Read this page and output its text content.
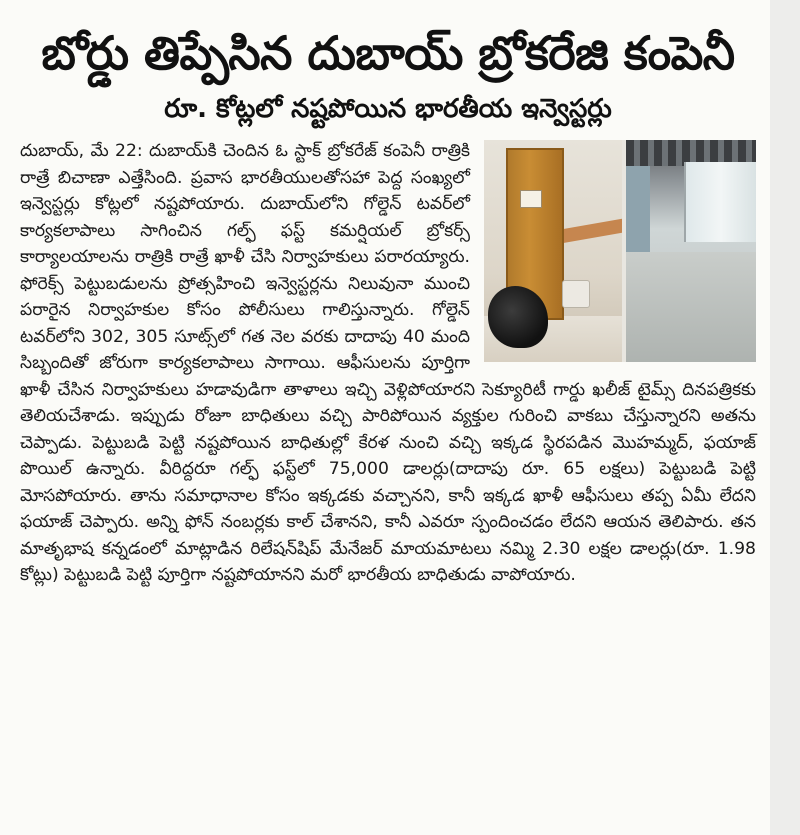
బోర్డు తిప్పేసిన దుబాయ్ బ్రోకరేజి కంపెనీ
రూ. కోట్లలో నష్టపోయిన భారతీయ ఇన్వెస్టర్లు

దుబాయ్, మే 22: దుబాయ్‌కి చెందిన ఓ స్టాక్ బ్రోకరేజ్ కంపెనీ రాత్రికి రాత్రే బిచాణా ఎత్తేసింది. ప్రవాస భారతీయులతోసహా పెద్ద సంఖ్యలో ఇన్వెస్టర్లు కోట్లలో నష్టపోయారు. దుబాయ్‌లోని గోల్డెన్ టవర్‌లో కార్యకలాపాలు సాగించిన గల్ఫ్ ఫస్ట్ కమర్షియల్ బ్రోకర్స్ కార్యాలయాలను రాత్రికి రాత్రే ఖాళీ చేసి నిర్వాహకులు పరారయ్యారు. ఫోరెక్స్ పెట్టుబడులను ప్రోత్సహించి ఇన్వెస్టర్లను నిలువునా ముంచి పరారైన నిర్వాహకుల కోసం పోలీసులు గాలిస్తున్నారు. గోల్డెన్ టవర్‌లోని 302, 305 సూట్స్‌లో గత నెల వరకు దాదాపు 40 మంది సిబ్బందితో జోరుగా కార్యకలాపాలు సాగాయి. ఆఫీసులను పూర్తిగా ఖాళీ చేసిన నిర్వాహకులు హడావుడిగా తాళాలు ఇచ్చి వెళ్లిపోయారని సెక్యూరిటీ గార్డు ఖలీజ్ టైమ్స్ దినపత్రికకు తెలియచేశాడు. ఇప్పుడు రోజూ బాధితులు వచ్చి పారిపోయిన వ్యక్తుల గురించి వాకబు చేస్తున్నారని అతను చెప్పాడు. పెట్టుబడి పెట్టి నష్టపోయిన బాధితుల్లో కేరళ నుంచి వచ్చి ఇక్కడ స్థిరపడిన మొహమ్మద్, ఫయాజ్ పొయిల్ ఉన్నారు. వీరిద్దరూ గల్ఫ్ ఫస్ట్‌లో 75,000 డాలర్లు(దాదాపు రూ. 65 లక్షలు) పెట్టుబడి పెట్టి మోసపోయారు. తాను సమాధానాల కోసం ఇక్కడకు వచ్చానని, కానీ ఇక్కడ ఖాళీ ఆఫీసులు తప్ప ఏమీ లేదని ఫయాజ్ చెప్పారు. అన్ని ఫోన్ నంబర్లకు కాల్ చేశానని, కానీ ఎవరూ స్పందించడం లేదని ఆయన తెలిపారు. తన మాతృభాష కన్నడంలో మాట్లాడిన రిలేషన్‌షిప్ మేనేజర్ మాయమాటలు నమ్మి 2.30 లక్షల డాలర్లు(రూ. 1.98 కోట్లు) పెట్టుబడి పెట్టి పూర్తిగా నష్టపోయానని మరో భారతీయ బాధితుడు వాపోయారు.
